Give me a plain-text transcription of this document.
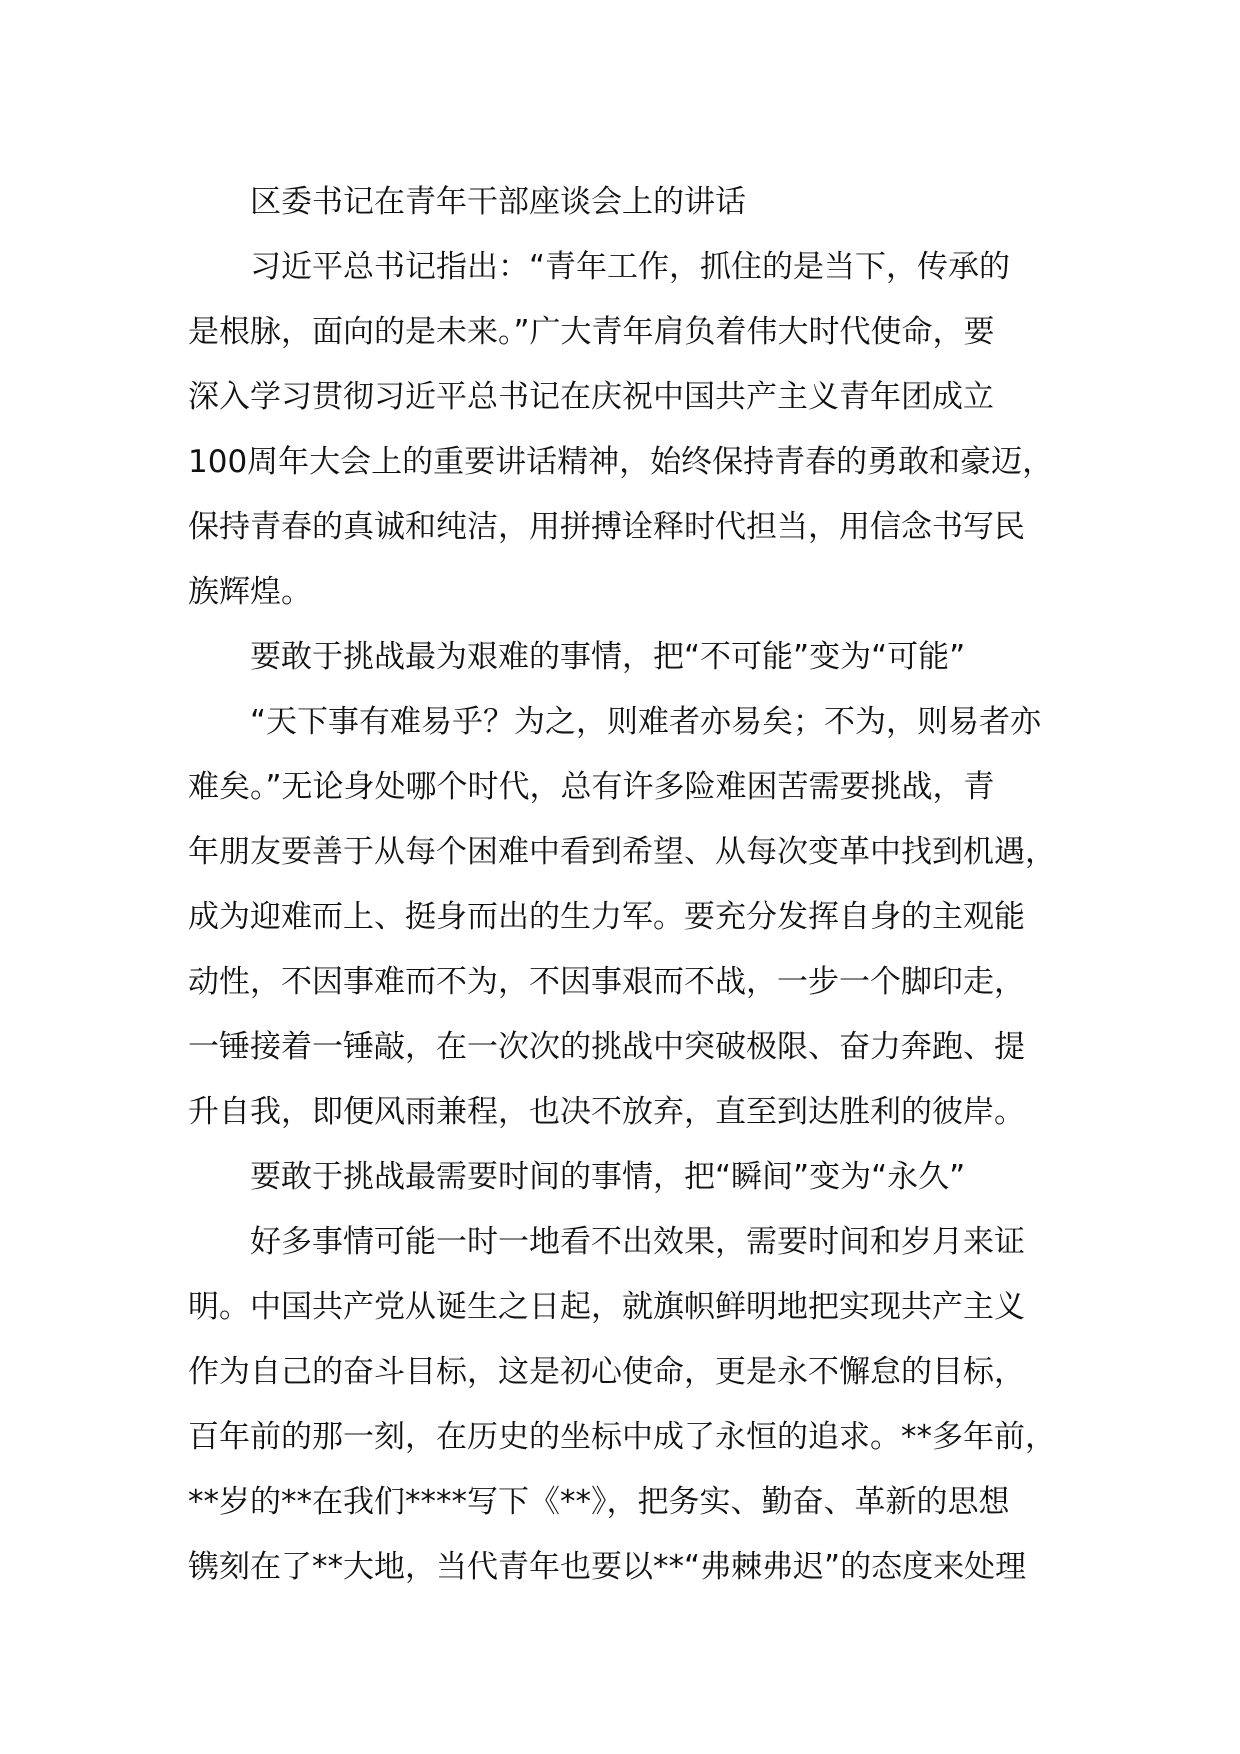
区委书记在青年干部座谈会上的讲话

习近平总书记指出：“青年工作，抓住的是当下，传承的
是根脉，面向的是未来。”广大青年肩负着伟大时代使命，要
深入学习贯彻习近平总书记在庆祝中国共产主义青年团成立
100周年大会上的重要讲话精神，始终保持青春的勇敢和豪迈，
保持青春的真诚和纯洁，用拼搏诠释时代担当，用信念书写民
族辉煌。

要敢于挑战最为艰难的事情，把“不可能”变为“可能”

“天下事有难易乎？为之，则难者亦易矣；不为，则易者亦
难矣。”无论身处哪个时代，总有许多险难困苦需要挑战，青
年朋友要善于从每个困难中看到希望、从每次变革中找到机遇，
成为迎难而上、挺身而出的生力军。要充分发挥自身的主观能
动性，不因事难而不为，不因事艰而不战，一步一个脚印走，
一锤接着一锤敲，在一次次的挑战中突破极限、奋力奔跑、提
升自我，即便风雨兼程，也决不放弃，直至到达胜利的彼岸。

要敢于挑战最需要时间的事情，把“瞬间”变为“永久”

好多事情可能一时一地看不出效果，需要时间和岁月来证
明。中国共产党从诞生之日起，就旗帜鲜明地把实现共产主义
作为自己的奋斗目标，这是初心使命，更是永不懈怠的目标，
百年前的那一刻，在历史的坐标中成了永恒的追求。**多年前，
**岁的**在我们****写下《**》，把务实、勤奋、革新的思想
镌刻在了**大地，当代青年也要以**“弗棘弗迟”的态度来处理
